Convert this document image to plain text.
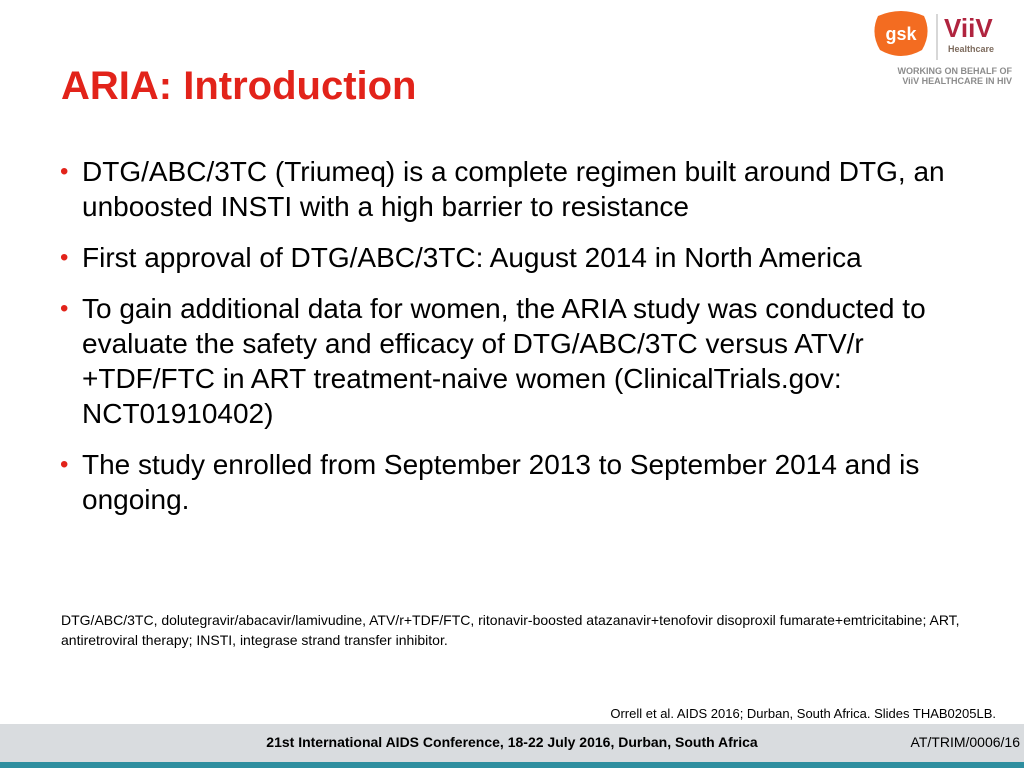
ARIA: Introduction
gsk ViiV
Healthcare
WORKING ON BEHALF OF
ViiV HEALTHCARE IN HIV
• DTG/ABC/3TC (Triumeq) is a complete regimen built around DTG, an unboosted INSTI with a high barrier to resistance
• First approval of DTG/ABC/3TC: August 2014 in North America
• To gain additional data for women, the ARIA study was conducted to evaluate the safety and efficacy of DTG/ABC/3TC versus ATV/r +TDF/FTC in ART treatment-naive women (ClinicalTrials.gov: NCT01910402)
• The study enrolled from September 2013 to September 2014 and is ongoing.
DTG/ABC/3TC, dolutegravir/abacavir/lamivudine, ATV/r+TDF/FTC, ritonavir-boosted atazanavir+tenofovir disoproxil fumarate+emtricitabine; ART, antiretroviral therapy; INSTI, integrase strand transfer inhibitor.
Orrell et al. AIDS 2016; Durban, South Africa. Slides THAB0205LB.
21st International AIDS Conference, 18-22 July 2016, Durban, South Africa	AT/TRIM/0006/16
